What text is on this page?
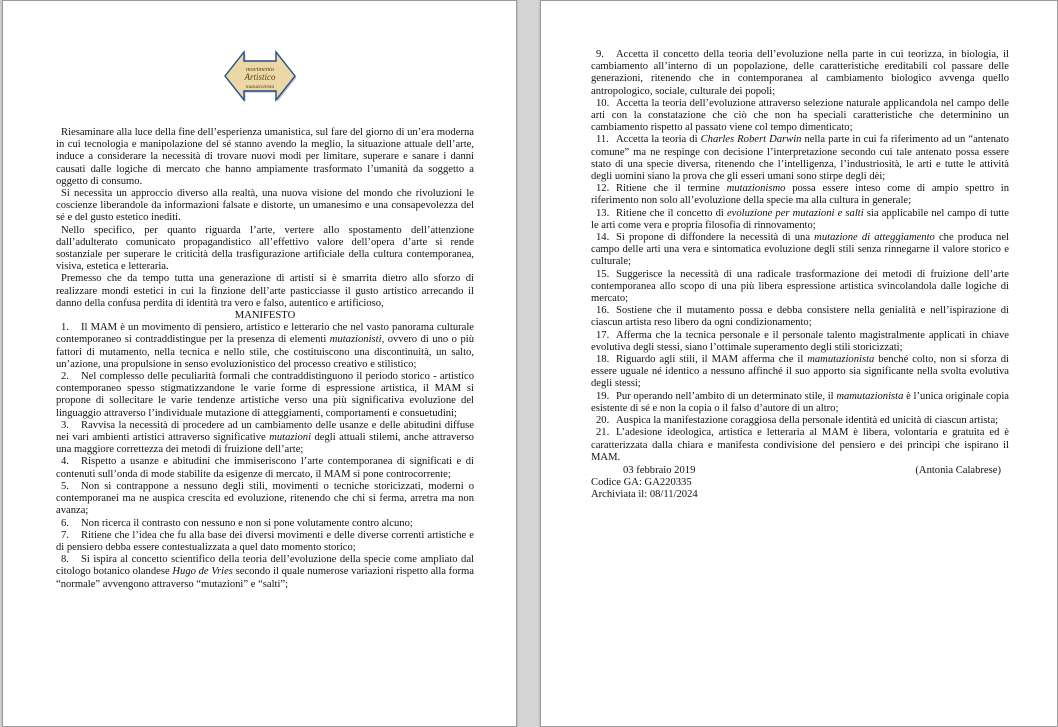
movimento
Artistico
mutazionista

Riesaminare alla luce della fine dell’esperienza umanistica, sul fare del giorno di un’era moderna in cui tecnologia e manipolazione del sé stanno avendo la meglio, la situazione attuale dell’arte, induce a considerare la necessità di trovare nuovi modi per limitare, superare e sanare i danni causati dalle logiche di mercato che hanno ampiamente trasformato l’umanità da soggetto a oggetto di consumo.

Si necessita un approccio diverso alla realtà, una nuova visione del mondo che rivoluzioni le coscienze liberandole da informazioni falsate e distorte, un umanesimo e una consapevolezza del sé e del gusto estetico inediti.

Nello specifico, per quanto riguarda l’arte, vertere allo spostamento dell’attenzione dall’adulterato comunicato propagandistico all’effettivo valore dell’opera d’arte si rende sostanziale per superare le criticità della trasfigurazione artificiale della cultura contemporanea, visiva, estetica e letteraria.

Premesso che da tempo tutta una generazione di artisti si è smarrita dietro allo sforzo di realizzare mondi estetici in cui la finzione dell’arte pasticciasse il gusto artistico arrecando il danno della confusa perdita di identità tra vero e falso, autentico e artificioso,

MANIFESTO

1. Il MAM è un movimento di pensiero, artistico e letterario che nel vasto panorama culturale contemporaneo si contraddistingue per la presenza di elementi mutazionisti, ovvero di uno o più fattori di mutamento, nella tecnica e nello stile, che costituiscono una discontinuità, un salto, un’azione, una propulsione in senso evoluzionistico del processo creativo e stilistico;

2. Nel complesso delle peculiarità formali che contraddistinguono il periodo storico - artistico contemporaneo spesso stigmatizzandone le varie forme di espressione artistica, il MAM si propone di sollecitare le varie tendenze artistiche verso una più significativa evoluzione del linguaggio attraverso l’individuale mutazione di atteggiamenti, comportamenti e consuetudini;

3. Ravvisa la necessità di procedere ad un cambiamento delle usanze e delle abitudini diffuse nei vari ambienti artistici attraverso significative mutazioni degli attuali stilemi, anche attraverso una maggiore correttezza dei metodi di fruizione dell’arte;

4. Rispetto a usanze e abitudini che immiseriscono l’arte contemporanea di significati e di contenuti sull’onda di mode stabilite da esigenze di mercato, il MAM si pone controcorrente;

5. Non si contrappone a nessuno degli stili, movimenti o tecniche storicizzati, moderni o contemporanei ma ne auspica crescita ed evoluzione, ritenendo che chi si ferma, arretra ma non avanza;

6. Non ricerca il contrasto con nessuno e non si pone volutamente contro alcuno;

7. Ritiene che l’idea che fu alla base dei diversi movimenti e delle diverse correnti artistiche e di pensiero debba essere contestualizzata a quel dato momento storico;

8. Si ispira al concetto scientifico della teoria dell’evoluzione della specie come ampliato dal citologo botanico olandese Hugo de Vries secondo il quale numerose variazioni rispetto alla forma “normale” avvengono attraverso “mutazioni” e “salti”;

9. Accetta il concetto della teoria dell’evoluzione nella parte in cui teorizza, in biologia, il cambiamento all’interno di un popolazione, delle caratteristiche ereditabili col passare delle generazioni, ritenendo che in contemporanea al cambiamento biologico avvenga quello antropologico, sociale, culturale dei popoli;

10. Accetta la teoria dell’evoluzione attraverso selezione naturale applicandola nel campo delle arti con la constatazione che ciò che non ha speciali caratteristiche che determinino un cambiamento rispetto al passato viene col tempo dimenticato;

11. Accetta la teoria di Charles Robert Darwin nella parte in cui fa riferimento ad un “antenato comune” ma ne respinge con decisione l’interpretazione secondo cui tale antenato possa essere stato di una specie diversa, ritenendo che l’intelligenza, l’industriosità, le arti e tutte le attività degli uomini siano la prova che gli esseri umani sono stirpe degli dèi;

12. Ritiene che il termine mutazionismo possa essere inteso come di ampio spettro in riferimento non solo all’evoluzione della specie ma alla cultura in generale;

13. Ritiene che il concetto di evoluzione per mutazioni e salti sia applicabile nel campo di tutte le arti come vera e propria filosofia di rinnovamento;

14. Si propone di diffondere la necessità di una mutazione di atteggiamento che produca nel campo delle arti una vera e sintomatica evoluzione degli stili senza rinnegarne il valore storico e culturale;

15. Suggerisce la necessità di una radicale trasformazione dei metodi di fruizione dell’arte contemporanea allo scopo di una più libera espressione artistica svincolandola dalle logiche di mercato;

16. Sostiene che il mutamento possa e debba consistere nella genialità e nell’ispirazione di ciascun artista reso libero da ogni condizionamento;

17. Afferma che la tecnica personale e il personale talento magistralmente applicati in chiave evolutiva degli stessi, siano l’ottimale superamento degli stili storicizzati;

18. Riguardo agli stili, il MAM afferma che il mamutazionista benché colto, non si sforza di essere uguale né identico a nessuno affinché il suo apporto sia significante nella svolta evolutiva degli stessi;

19. Pur operando nell’ambito di un determinato stile, il mamutazionista è l’unica originale copia esistente di sé e non la copia o il falso d’autore di un altro;

20. Auspica la manifestazione coraggiosa della personale identità ed unicità di ciascun artista;

21. L’adesione ideologica, artistica e letteraria al MAM è libera, volontaria e gratuita ed è caratterizzata dalla chiara e manifesta condivisione del pensiero e dei principi che ispirano il MAM.

03 febbraio 2019	(Antonia Calabrese)

Codice GA: GA220335

Archiviata il: 08/11/2024
